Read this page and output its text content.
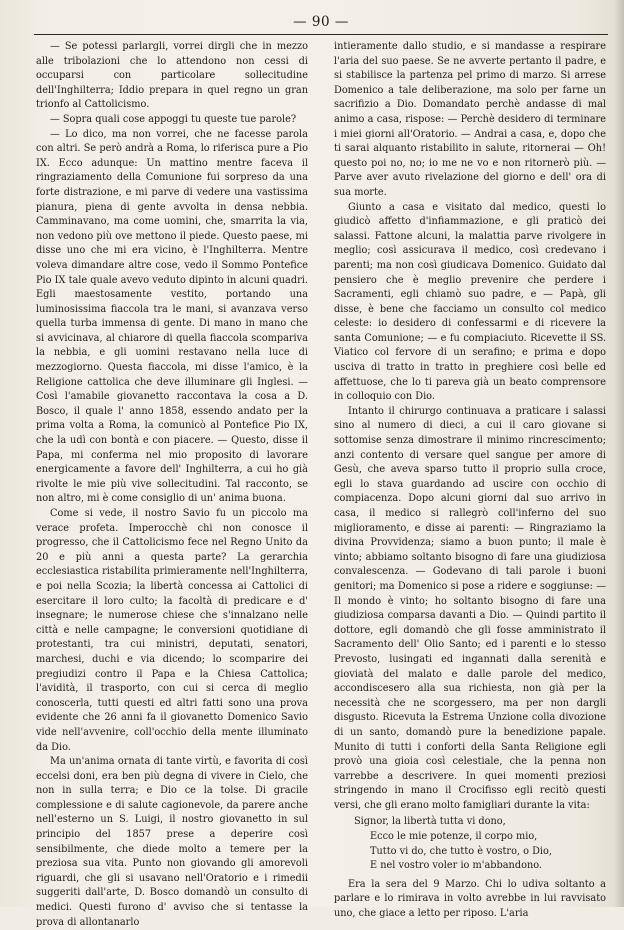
— 90 —

— Se potessi parlargli, vorrei dirgli che in mezzo alle tribolazioni che lo attendono non cessi di occuparsi con particolare sollecitudine dell'Inghilterra; Iddio prepara in quel regno un gran trionfo al Cattolicismo.

— Sopra quali cose appoggi tu queste tue parole?

— Lo dico, ma non vorrei, che ne facesse parola con altri. Se però andrà a Roma, lo riferisca pure a Pio IX. Ecco adunque: Un mattino mentre faceva il ringraziamento della Comunione fui sorpreso da una forte distrazione, e mi parve di vedere una vastissima pianura, piena di gente avvolta in densa nebbia. Camminavano, ma come uomini, che, smarrita la via, non vedono più ove mettono il piede. Questo paese, mi disse uno che mi era vicino, è l'Inghilterra. Mentre voleva dimandare altre cose, vedo il Sommo Pontefice Pio IX tale quale avevo veduto dipinto in alcuni quadri. Egli maestosamente vestito, portando una luminosissima fiaccola tra le mani, si avanzava verso quella turba immensa di gente. Di mano in mano che si avvicinava, al chiarore di quella fiaccola scompariva la nebbia, e gli uomini restavano nella luce di mezzogiorno. Questa fiaccola, mi disse l'amico, è la Religione cattolica che deve illuminare gli Inglesi. — Così l'amabile giovanetto raccontava la cosa a D. Bosco, il quale l' anno 1858, essendo andato per la prima volta a Roma, la comunicò al Pontefice Pio IX, che la udì con bontà e con piacere. — Questo, disse il Papa, mi conferma nel mio proposito di lavorare energicamente a favore dell' Inghilterra, a cui ho già rivolte le mie più vive sollecitudini. Tal racconto, se non altro, mi è come consiglio di un' anima buona.

Come si vede, il nostro Savio fu un piccolo ma verace profeta. Imperocchè chi non conosce il progresso, che il Cattolicismo fece nel Regno Unito da 20 e più anni a questa parte? La gerarchia ecclesiastica ristabilita primieramente nell'Inghilterra, e poi nella Scozia; la libertà concessa ai Cattolici di esercitare il loro culto; la facoltà di predicare e d' insegnare; le numerose chiese che s'innalzano nelle città e nelle campagne; le conversioni quotidiane di protestanti, tra cui ministri, deputati, senatori, marchesi, duchi e via dicendo; lo scomparire dei pregiudizi contro il Papa e la Chiesa Cattolica; l'avidità, il trasporto, con cui si cerca di meglio conoscerla, tutti questi ed altri fatti sono una prova evidente che 26 anni fa il giovanetto Domenico Savio vide nell'avvenire, coll'occhio della mente illuminato da Dio.

Ma un'anima ornata di tante virtù, e favorita di così eccelsi doni, era ben più degna di vivere in Cielo, che non in sulla terra; e Dio ce la tolse. Di gracile complessione e di salute cagionevole, da parere anche nell'esterno un S. Luigi, il nostro giovanetto in sul principio del 1857 prese a deperire così sensibilmente, che diede molto a temere per la preziosa sua vita. Punto non giovando gli amorevoli riguardi, che gli si usavano nell'Oratorio e i rimedii suggeriti dall'arte, D. Bosco domandò un consulto di medici. Questi furono d' avviso che si tentasse la prova di allontanarlo

intieramente dallo studio, e si mandasse a respirare l'aria del suo paese. Se ne avverte pertanto il padre, e si stabilisce la partenza pel primo di marzo. Si arrese Domenico a tale deliberazione, ma solo per farne un sacrifizio a Dio. Domandato perchè andasse di mal animo a casa, rispose: — Perchè desidero di terminare i miei giorni all'Oratorio. — Andrai a casa, e, dopo che ti sarai alquanto ristabilito in salute, ritornerai — Oh! questo poi no, no; io me ne vo e non ritornerò più. — Parve aver avuto rivelazione del giorno e dell' ora di sua morte.

Giunto a casa e visitato dal medico, questi lo giudicò affetto d'infiammazione, e gli praticò dei salassi. Fattone alcuni, la malattia parve rivolgere in meglio; così assicurava il medico, così credevano i parenti; ma non così giudicava Domenico. Guidato dal pensiero che è meglio prevenire che perdere i Sacramenti, egli chiamò suo padre, e — Papà, gli disse, è bene che facciamo un consulto col medico celeste: io desidero di confessarmi e di ricevere la santa Comunione; — e fu compiaciuto. Ricevette il SS. Viatico col fervore di un serafino; e prima e dopo usciva di tratto in tratto in preghiere così belle ed affettuose, che lo ti pareva già un beato comprensore in colloquio con Dio.

Intanto il chirurgo continuava a praticare i salassi sino al numero di dieci, a cui il caro giovane si sottomise senza dimostrare il minimo rincrescimento; anzi contento di versare quel sangue per amore di Gesù, che aveva sparso tutto il proprio sulla croce, egli lo stava guardando ad uscire con occhio di compiacenza. Dopo alcuni giorni dal suo arrivo in casa, il medico si rallegrò coll'inferno del suo miglioramento, e disse ai parenti: — Ringraziamo la divina Provvidenza; siamo a buon punto; il male è vinto; abbiamo soltanto bisogno di fare una giudiziosa convalescenza. — Godevano di tali parole i buoni genitori; ma Domenico si pose a ridere e soggiunse: — Il mondo è vinto; ho soltanto bisogno di fare una giudiziosa comparsa davanti a Dio. — Quindi partito il dottore, egli domandò che gli fosse amministrato il Sacramento dell' Olio Santo; ed i parenti e lo stesso Prevosto, lusingati ed ingannati dalla serenità e gioviatà del malato e dalle parole del medico, accondiscesero alla sua richiesta, non già per la necessità che ne scorgessero, ma per non dargli disgusto. Ricevuta la Estrema Unzione colla divozione di un santo, domandò pure la benedizione papale. Munito di tutti i conforti della Santa Religione egli provò una gioia così celestiale, che la penna non varrebbe a descrivere. In quei momenti preziosi stringendo in mano il Crocifisso egli recitò questi versi, che gli erano molto famigliari durante la vita:

Signor, la libertà tutta vi dono,
Ecco le mie potenze, il corpo mio,
Tutto vi do, che tutto è vostro, o Dio,
E nel vostro voler io m'abbandono.

Era la sera del 9 Marzo. Chi lo udiva soltanto a parlare e lo rimirava in volto avrebbe in lui ravvisato uno, che giace a letto per riposo. L'aria
